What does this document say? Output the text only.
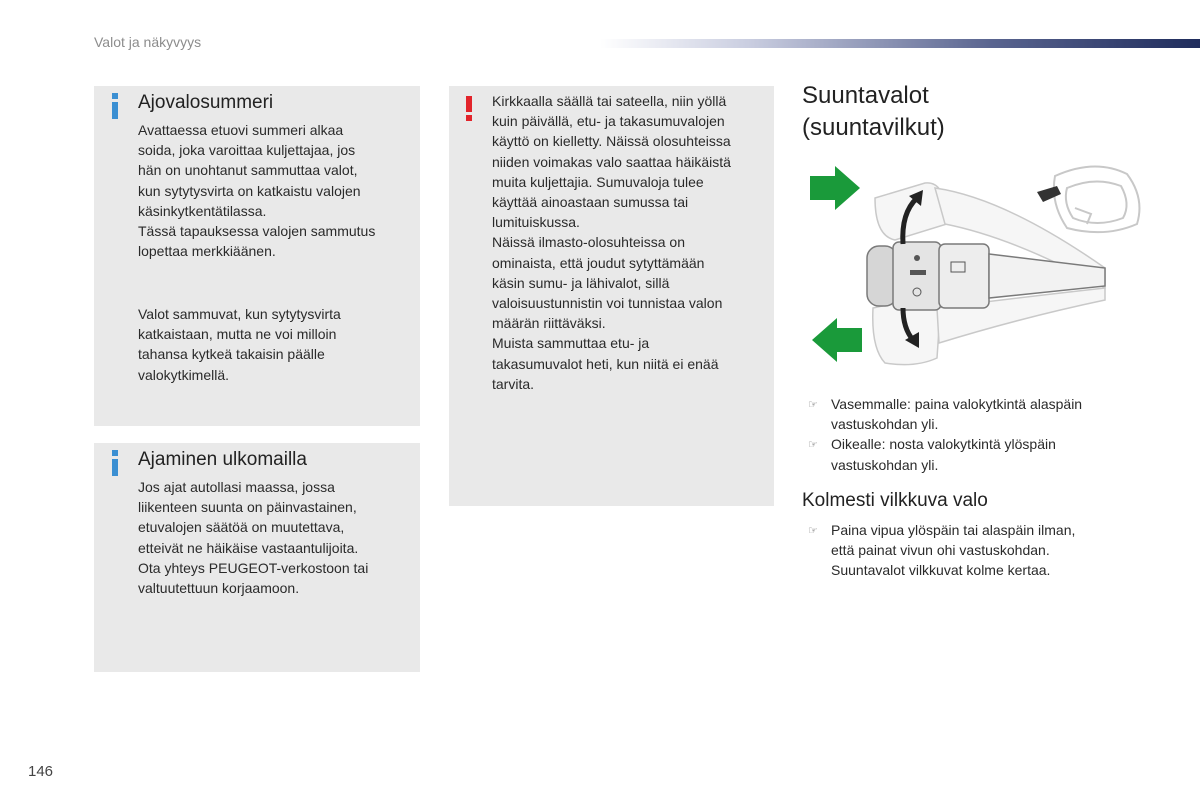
Valot ja näkyvyys
Ajovalosummeri
Avattaessa etuovi summeri alkaa
soida, joka varoittaa kuljettajaa, jos
hän on unohtanut sammuttaa valot,
kun sytytysvirta on katkaistu valojen
käsinkytkentätilassa.
Tässä tapauksessa valojen sammutus
lopettaa merkkiäänen.
Valot sammuvat, kun sytytysvirta
katkaistaan, mutta ne voi milloin
tahansa kytkeä takaisin päälle
valokytkimellä.
Ajaminen ulkomailla
Jos ajat autollasi maassa, jossa
liikenteen suunta on päinvastainen,
etuvalojen säätöä on muutettava,
etteivät ne häikäise vastaantulijoita.
Ota yhteys PEUGEOT-verkostoon tai
valtuutettuun korjaamoon.
Kirkkaalla säällä tai sateella, niin yöllä
kuin päivällä, etu- ja takasumuvalojen
käyttö on kielletty. Näissä olosuhteissa
niiden voimakas valo saattaa häikäistä
muita kuljettajia. Sumuvaloja tulee
käyttää ainoastaan sumussa tai
lumituiskussa.
Näissä ilmasto-olosuhteissa on
ominaista, että joudut sytyttämään
käsin sumu- ja lähivalot, sillä
valoisuustunnistin voi tunnistaa valon
määrän riittäväksi.
Muista sammuttaa etu- ja
takasumuvalot heti, kun niitä ei enää
tarvita.
Suuntavalot
(suuntavilkut)
☞ Vasemmalle: paina valokytkintä alaspäin
vastuskohdan yli.
☞ Oikealle: nosta valokytkintä ylöspäin
vastuskohdan yli.
Kolmesti vilkkuva valo
☞ Paina vipua ylöspäin tai alaspäin ilman,
että painat vivun ohi vastuskohdan.
Suuntavalot vilkkuvat kolme kertaa.
146
